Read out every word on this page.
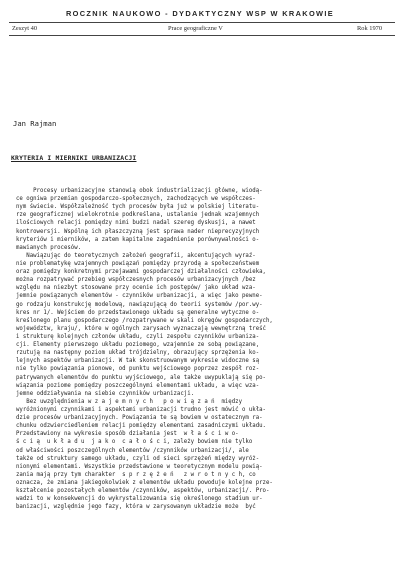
ROCZNIK NAUKOWO - DYDAKTYCZNY WSP W KRAKOWIE
Zeszyt 40	Prace geograficzne V	Rok 1970
Jan Rajman
KRYTERIA I MIERNIKI URBANIZACJI
Procesy urbanizacyjne stanowią obok industrializacji główne, wiodą-
ce ogniwa przemian gospodarczo-społecznych, zachodzących we współczes-
nym świecie. Współzależność tych procesów była już w polskiej literatu-
rze geograficznej wielokrotnie podkreślana, ustalanie jednak wzajemnych
ilościowych relacji pomiędzy nimi budzi nadal szereg dyskusji, a nawet
kontrowersji. Wspólną ich płaszczyzną jest sprawa nader nieprecyzyjnych
kryteriów i mierników, a zatem kapitalne zagadnienie porównywalności o-
mawianych procesów.
Nawiązując do teoretycznych założeń geografii, akcentujących wyraź-
nie problematykę wzajemnych powiązań pomiędzy przyrodą a społeczeństwem
oraz pomiędzy konkretnymi przejawami gospodarczej działalności człowieka,
można rozpatrywać przebieg współczesnych procesów urbanizacyjnych /bez
względu na niezbyt stosowane przy ocenie ich postępów/ jako układ wza-
jemnie powiązanych elementów - czynników urbanizacji, a więc jako pewne-
go rodzaju konstrukcję modelową, nawiązującą do teorii systemów /por.wy-
kres nr 1/. Wejściem do przedstawionego układu są generalne wytyczne o-
kreślonego planu gospodarczego /rozpatrywane w skali okręgów gospodarczych,
województw, kraju/, które w ogólnych zarysach wyznaczają wewnętrzną treść
i strukturę kolejnych członów układu, czyli zespołu czynników urbaniza-
cji. Elementy pierwszego układu poziomego, wzajemnie ze sobą powiązane,
rzutują na następny poziom układ trójdzielny, obrazujący sprzężenia ko-
lejnych aspektów urbanizacji. W tak skonstruowanym wykresie widoczne są
nie tylko powiązania pionowe, od punktu wejściowego poprzez zespół roz-
patrywanych elementów do punktu wyjściowego, ale także uwypuklają się po-
wiązania poziome pomiędzy poszczególnymi elementami układu, a więc wza-
jemne oddziaływania na siebie czynników urbanizacji.
Bez uwzględnienia w z a j e m n y c h   p o w i ą z a ń  między
wyróżnionymi czynnikami i aspektami urbanizacji trudno jest mówić o ukła-
dzie procesów urbanizacyjnych. Powiązania te są bowiem w ostatecznym ra-
chunku odzwierciedleniem relacji pomiędzy elementami zasadniczymi układu.
Przedstawiony na wykresie sposób działania jest  w ł a ś c i w o-
ś c i ą  u k ł a d u  j a k o  c a ł o ś c i, zależy bowiem nie tylko
od właściwości poszczególnych elementów /czynników urbanizacji/, ale
także od struktury samego układu, czyli od sieci sprzężeń między wyróż-
nionymi elementami. Wszystkie przedstawione w teoretycznym modelu powią-
zania mają przy tym charakter  s p r z ę ż e ń   z w r o t n y c h, co
oznacza, że zmiana jakiegokolwiek z elementów układu powoduje kolejne prze-
kształcenie pozostałych elementów /czynników, aspektów, urbanizacji/. Pro-
wadzi to w konsekwencji do wykrystalizowania się określonego stadium ur-
banizacji, względnie jego fazy, która w zarysowanym układzie może  być
